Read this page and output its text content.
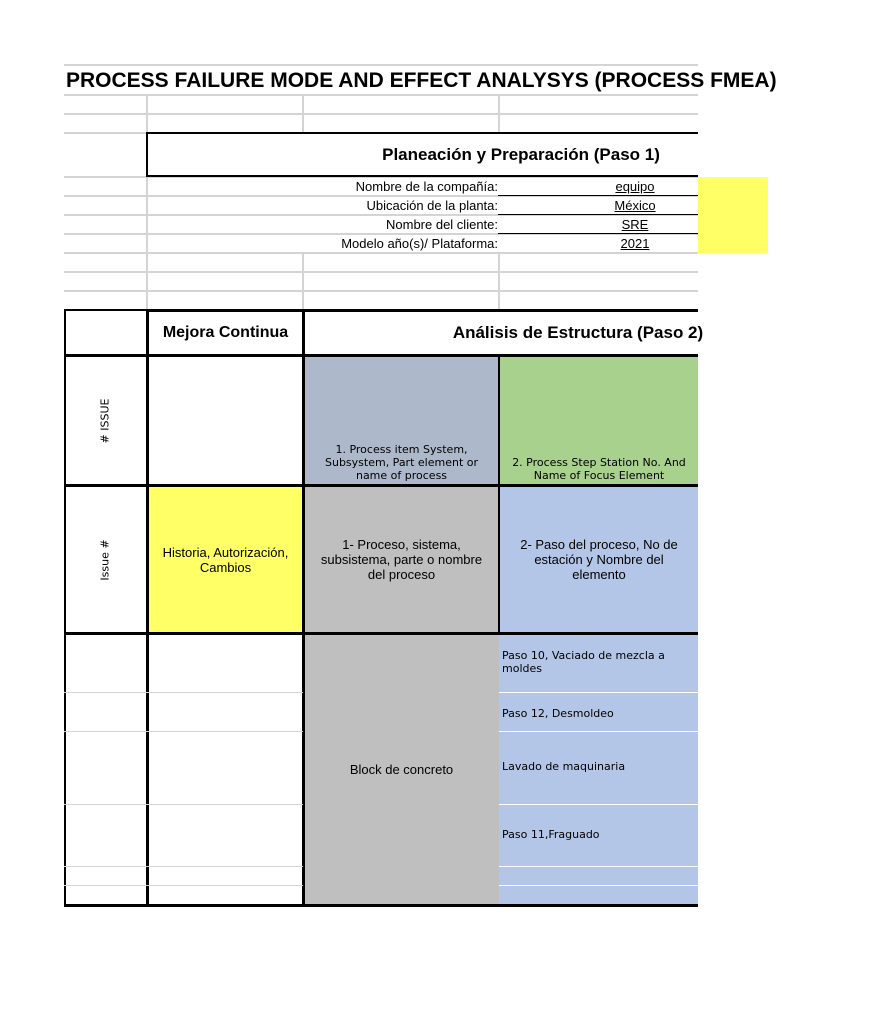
PROCESS FAILURE MODE AND EFFECT ANALYSYS (PROCESS FMEA)
Planeación y Preparación (Paso 1)
Nombre de la compañía:
Ubicación de la planta:
Nombre del cliente:
Modelo año(s)/ Plataforma:
equipo
México
SRE
2021
Mejora Continua	Análisis de Estructura (Paso 2)
# ISSUE
Issue #
1. Process item System, Subsystem, Part element or name of process
2. Process Step Station No. And Name of Focus Element
Historia, Autorización, Cambios
1- Proceso, sistema, subsistema, parte o nombre del proceso
2- Paso del proceso, No de estación y Nombre del elemento
Block de concreto
Paso 10, Vaciado de mezcla a moldes
Paso 12, Desmoldeo
Lavado de maquinaria
Paso 11,Fraguado
